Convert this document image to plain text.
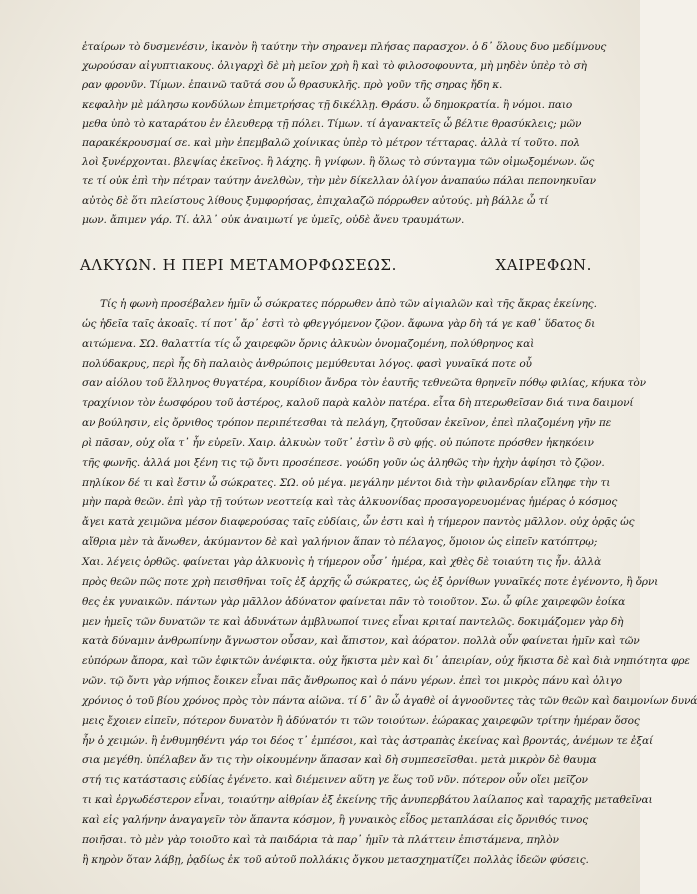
ἑταίρων τὸ δυσμενέσιν, ἱκανὸν ἢ ταύτην τὴν σηρανεμ πλήσας παρασχον. ὁ δ᾽ ὅλους δυο μεδίμνους
χωρούσαν αἰγυπτιακους. ὀλιγαρχὶ δὲ μὴ μεῖον χρὴ ἢ καὶ τὸ φιλοσοφουντα, μὴ μηδὲν ὑπὲρ τὸ σὴ
ραν φρονῦν. Τίμων. ἐπαινῶ ταῦτά σου ὦ θρασυκλῆς. πρὸ γοῦν τῆς σηρας ἤδη κ.
κεφαλὴν μὲ μάλησω κονδύλων ἐπιμετρήσας τῇ δικέλλῃ. Θράσυ. ὦ δημοκρατία. ἢ νόμοι. παιο
μεθα ὑπὸ τὸ καταράτου ἐν ἐλευθερᾳ τῇ πόλει. Τίμων. τί ἀγανακτεῖς ὦ βέλτιε θρασύκλεις; μῶν
παρακέκρουσμαί σε. καὶ μὴν ἐπεμβαλῶ χοίνικας ὑπὲρ τὸ μέτρον τέτταρας. ἀλλὰ τί τοῦτο. πολ
λοὶ ξυνέρχονται. βλεψίας ἐκεῖνος. ἢ λάχης. ἢ γνίφων. ἢ ὅλως τὸ σύνταγμα τῶν οἰμωξομένων. ὥς
τε τί οὐκ ἐπὶ τὴν πέτραν ταύτην ἀνελθὼν, τὴν μὲν δίκελλαν ὀλίγον ἀναπαύω πάλαι πεπονηκυῖαν
αὐτὸς δὲ ὅτι πλείστους λίθους ξυμφορήσας, ἐπιχαλαζῶ πόρρωθεν αὐτούς. μὴ βάλλε ὦ τί
μων. ἄπιμεν γάρ. Τί. ἀλλ᾽ οὐκ ἀναιμωτί γε ὑμεῖς, οὐδὲ ἄνευ τραυμάτων.
ΑΛΚΥΩΝ. Η ΠΕΡΙ ΜΕΤΑΜΟΡΦΩΣΕΩΣ.	ΧΑΙΡΕΦΩΝ.
Τίς ἡ φωνὴ προσέβαλεν ἡμῖν ὦ σώκρατες πόρρωθεν ἀπὸ τῶν αἰγιαλῶν καὶ τῆς ἄκρας ἐκείνης.
ὡς ἡδεῖα ταῖς ἀκοαῖς. τί ποτ᾽ ἄρ᾽ ἐστὶ τὸ φθεγγόμενον ζῷον. ἄφωνα γὰρ δὴ τά γε καθ᾽ ὕδατος δι
αιτώμενα. ΣΩ. θαλαττία τίς ὦ χαιρεφῶν ὄρνις ἀλκυὼν ὀνομαζομένη, πολύθρηνος καὶ
πολύδακρυς, περὶ ἧς δὴ παλαιὸς ἀνθρώποις μεμύθευται λόγος. φασὶ γυναῖκά ποτε οὖ
σαν αἰόλου τοῦ ἕλληνος θυγατέρα, κουρίδιον ἄνδρα τὸν ἑαυτῆς τεθνεῶτα θρηνεῖν πόθῳ φιλίας, κήυκα τὸν
τραχίνιον τὸν ἑωσφόρου τοῦ ἀστέρος, καλοῦ παρὰ καλὸν πατέρα. εἶτα δὴ πτερωθεῖσαν διά τινα δαιμονί
αν βούλησιν, εἰς ὄρνιθος τρόπον περιπέτεσθαι τὰ πελάγη, ζητοῦσαν ἐκεῖνον, ἐπεὶ πλαζομένη γῆν πε
ρὶ πᾶσαν, οὐχ οἵα τ᾽ ἦν εὑρεῖν. Χαιρ. ἀλκυὼν τοῦτ᾽ ἐστὶν ὃ σὺ φῄς. οὐ πώποτε πρόσθεν ἠκηκόειν
τῆς φωνῆς. ἀλλά μοι ξένη τις τῷ ὄντι προσέπεσε. γοώδη γοῦν ὡς ἀληθῶς τὴν ἠχὴν ἀφίησι τὸ ζῷον.
πηλίκον δέ τι καὶ ἔστιν ὦ σώκρατες. ΣΩ. οὐ μέγα. μεγάλην μέντοι διὰ τὴν φιλανδρίαν εἴληφε τὴν τι
μὴν παρὰ θεῶν. ἐπὶ γὰρ τῇ τούτων νεοττείᾳ καὶ τὰς ἀλκυονίδας προσαγορευομένας ἡμέρας ὁ κόσμος
ἄγει κατὰ χειμῶνα μέσον διαφερούσας ταῖς εὐδίαις, ὧν ἐστι καὶ ἡ τήμερον παντὸς μᾶλλον. οὐχ ὁρᾷς ὡς
αἴθρια μὲν τὰ ἄνωθεν, ἀκύμαντον δὲ καὶ γαλήνιον ἅπαν τὸ πέλαγος, ὅμοιον ὡς εἰπεῖν κατόπτρῳ;
Χαι. λέγεις ὀρθῶς. φαίνεται γὰρ ἀλκυονὶς ἡ τήμερον οὖσ᾽ ἡμέρα, καὶ χθὲς δὲ τοιαύτη τις ἦν. ἀλλὰ
πρὸς θεῶν πῶς ποτε χρὴ πεισθῆναι τοῖς ἐξ ἀρχῆς ὦ σώκρατες, ὡς ἐξ ὀρνίθων γυναῖκές ποτε ἐγένοντο, ἢ ὄρνι
θες ἐκ γυναικῶν. πάντων γὰρ μᾶλλον ἀδύνατον φαίνεται πᾶν τὸ τοιοῦτον. Σω. ὦ φίλε χαιρεφῶν ἐοίκα
μεν ἡμεῖς τῶν δυνατῶν τε καὶ ἀδυνάτων ἀμβλυωποί τινες εἶναι κριταί παντελῶς. δοκιμάζομεν γὰρ δὴ
κατὰ δύναμιν ἀνθρωπίνην ἄγνωστον οὖσαν, καὶ ἄπιστον, καὶ ἀόρατον. πολλὰ οὖν φαίνεται ἡμῖν καὶ τῶν
εὐπόρων ἄπορα, καὶ τῶν ἐφικτῶν ἀνέφικτα. οὐχ ἥκιστα μὲν καὶ δι᾽ ἀπειρίαν, οὐχ ἥκιστα δὲ καὶ διὰ νηπιότητα φρε
νῶν. τῷ ὄντι γὰρ νήπιος ἔοικεν εἶναι πᾶς ἄνθρωπος καὶ ὁ πάνυ γέρων. ἐπεὶ τοι μικρὸς πάνυ καὶ ὀλιγο
χρόνιος ὁ τοῦ βίου χρόνος πρὸς τὸν πάντα αἰῶνα. τί δ᾽ ἂν ὦ ἀγαθὲ οἱ ἀγνοοῦντες τὰς τῶν θεῶν καὶ δαιμονίων δυνά
μεις ἔχοιεν εἰπεῖν, πότερον δυνατὸν ἢ ἀδύνατόν τι τῶν τοιούτων. ἑώρακας χαιρεφῶν τρίτην ἡμέραν ὅσος
ἦν ὁ χειμών. ἢ ἐνθυμηθέντι γάρ τοι δέος τ᾽ ἐμπέσοι, καὶ τὰς ἀστραπὰς ἐκείνας καὶ βροντάς, ἀνέμων τε ἐξαί
σια μεγέθη. ὑπέλαβεν ἄν τις τὴν οἰκουμένην ἅπασαν καὶ δὴ συμπεσεῖσθαι. μετὰ μικρὸν δὲ θαυμα
στή τις κατάστασις εὐδίας ἐγένετο. καὶ διέμεινεν αὕτη γε ἕως τοῦ νῦν. πότερον οὖν οἴει μεῖζον
τι καὶ ἐργωδέστερον εἶναι, τοιαύτην αἰθρίαν ἐξ ἐκείνης τῆς ἀνυπερβάτου λαίλαπος καὶ ταραχῆς μεταθεῖναι
καὶ εἰς γαλήνην ἀναγαγεῖν τὸν ἅπαντα κόσμον, ἢ γυναικὸς εἶδος μεταπλάσαι εἰς ὄρνιθός τινος
ποιῆσαι. τὸ μὲν γὰρ τοιοῦτο καὶ τὰ παιδάρια τὰ παρ᾽ ἡμῖν τὰ πλάττειν ἐπιστάμενα, πηλὸν
ἢ κηρὸν ὅταν λάβῃ, ῥᾳδίως ἐκ τοῦ αὐτοῦ πολλάκις ὄγκου μετασχηματίζει πολλὰς ἰδεῶν φύσεις.
